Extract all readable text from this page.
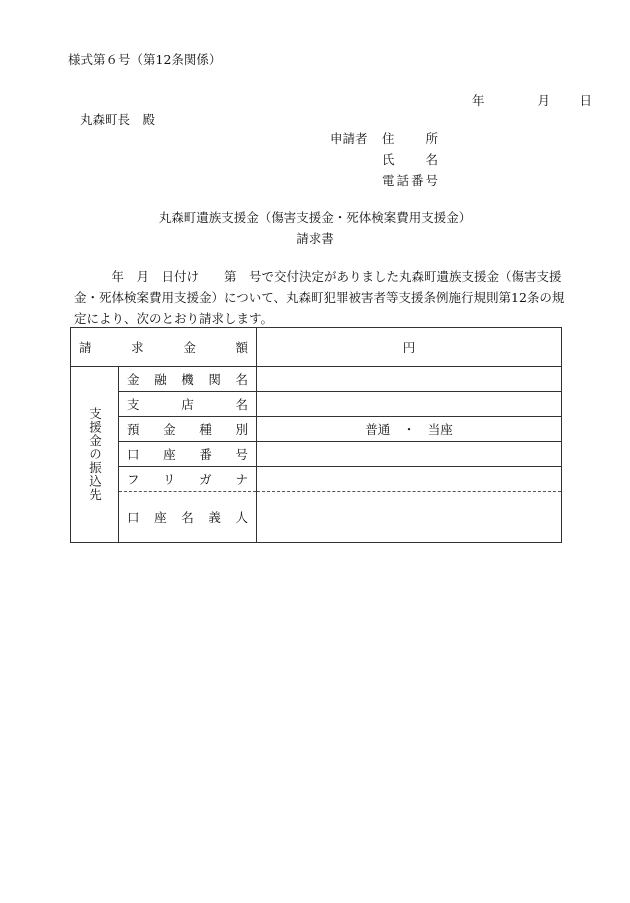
様式第６号（第12条関係）
年	月 日
丸森町長　殿
申請者 住所
氏名
電話番号
丸森町遺族支援金（傷害支援金・死体検案費用支援金）
請求書

　　　年　月　日付け　　第　号で交付決定がありました丸森町遺族支援金（傷害支援金・死体検案費用支援金）について、丸森町犯罪被害者等支援条例施行規則第12条の規定により、次のとおり請求します。

請求金額		円
支援金の振込先	金融機関名	
	支店名	
	預金種別	普通　・　当座
	口座番号	
	フリガナ	
	口座名義人	
